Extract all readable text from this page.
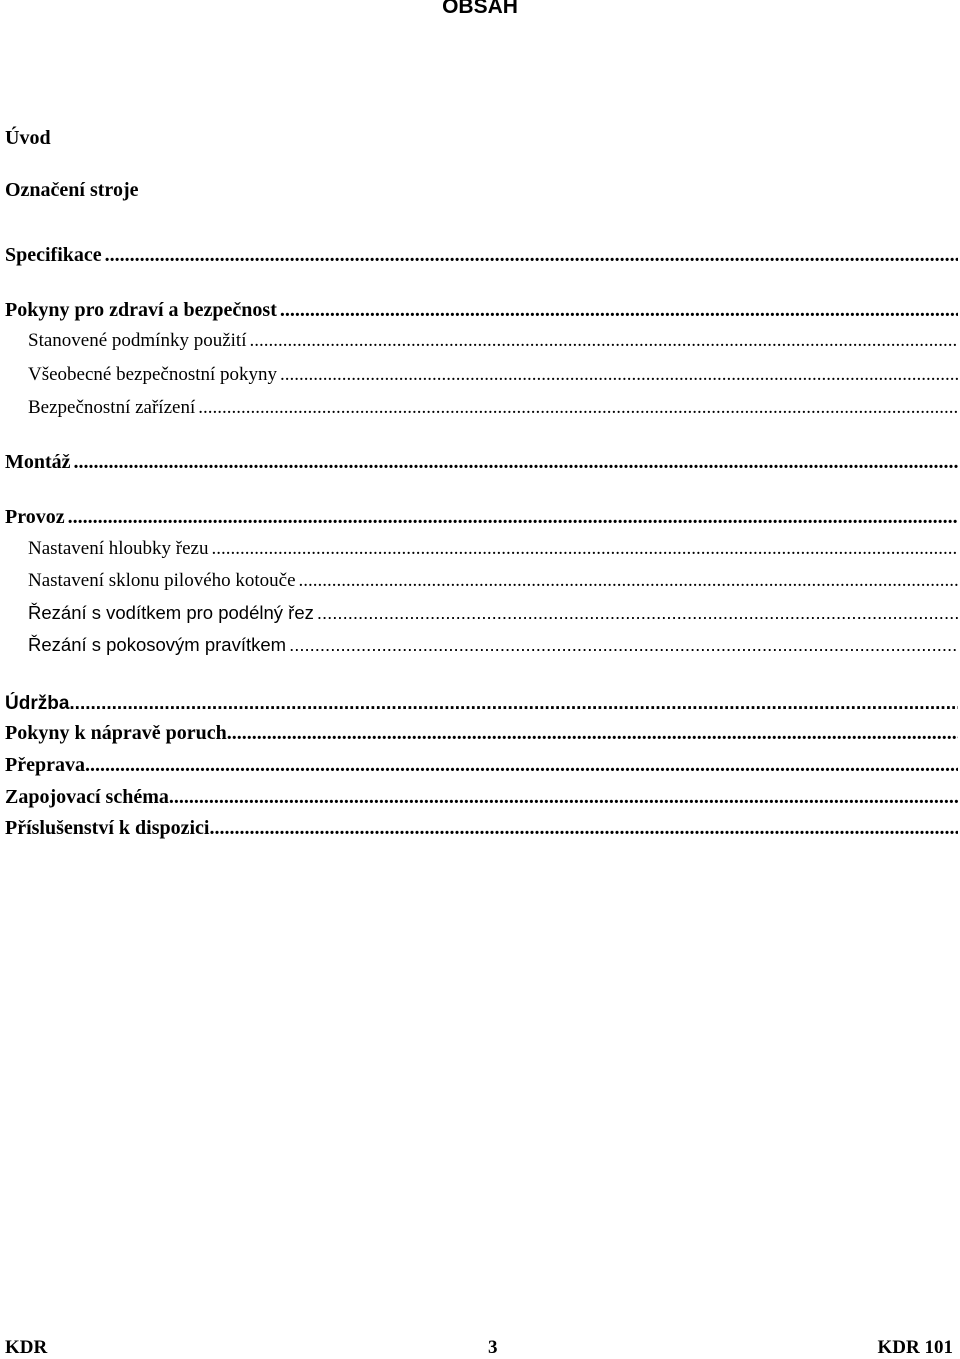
OBSAH
Úvod
Označení stroje
Specifikace
.....
Pokyny pro zdraví a bezpečnost
.....
Stanovené podmínky použití
.....
Všeobecné bezpečnostní pokyny
.....
Bezpečnostní zařízení
.....
Montáž
.....
Provoz
.....
Nastavení hloubky řezu
.....
Nastavení sklonu pilového kotouče
.....
Řezání s vodítkem pro podélný řez
.....
Řezání s pokosovým pravítkem
.....
Údržba
.....
Pokyny k nápravě poruch
.....
Přeprava
.....
Zapojovací schéma
.....
Příslušenství k dispozici.
.....
KDR	3	KDR 101
